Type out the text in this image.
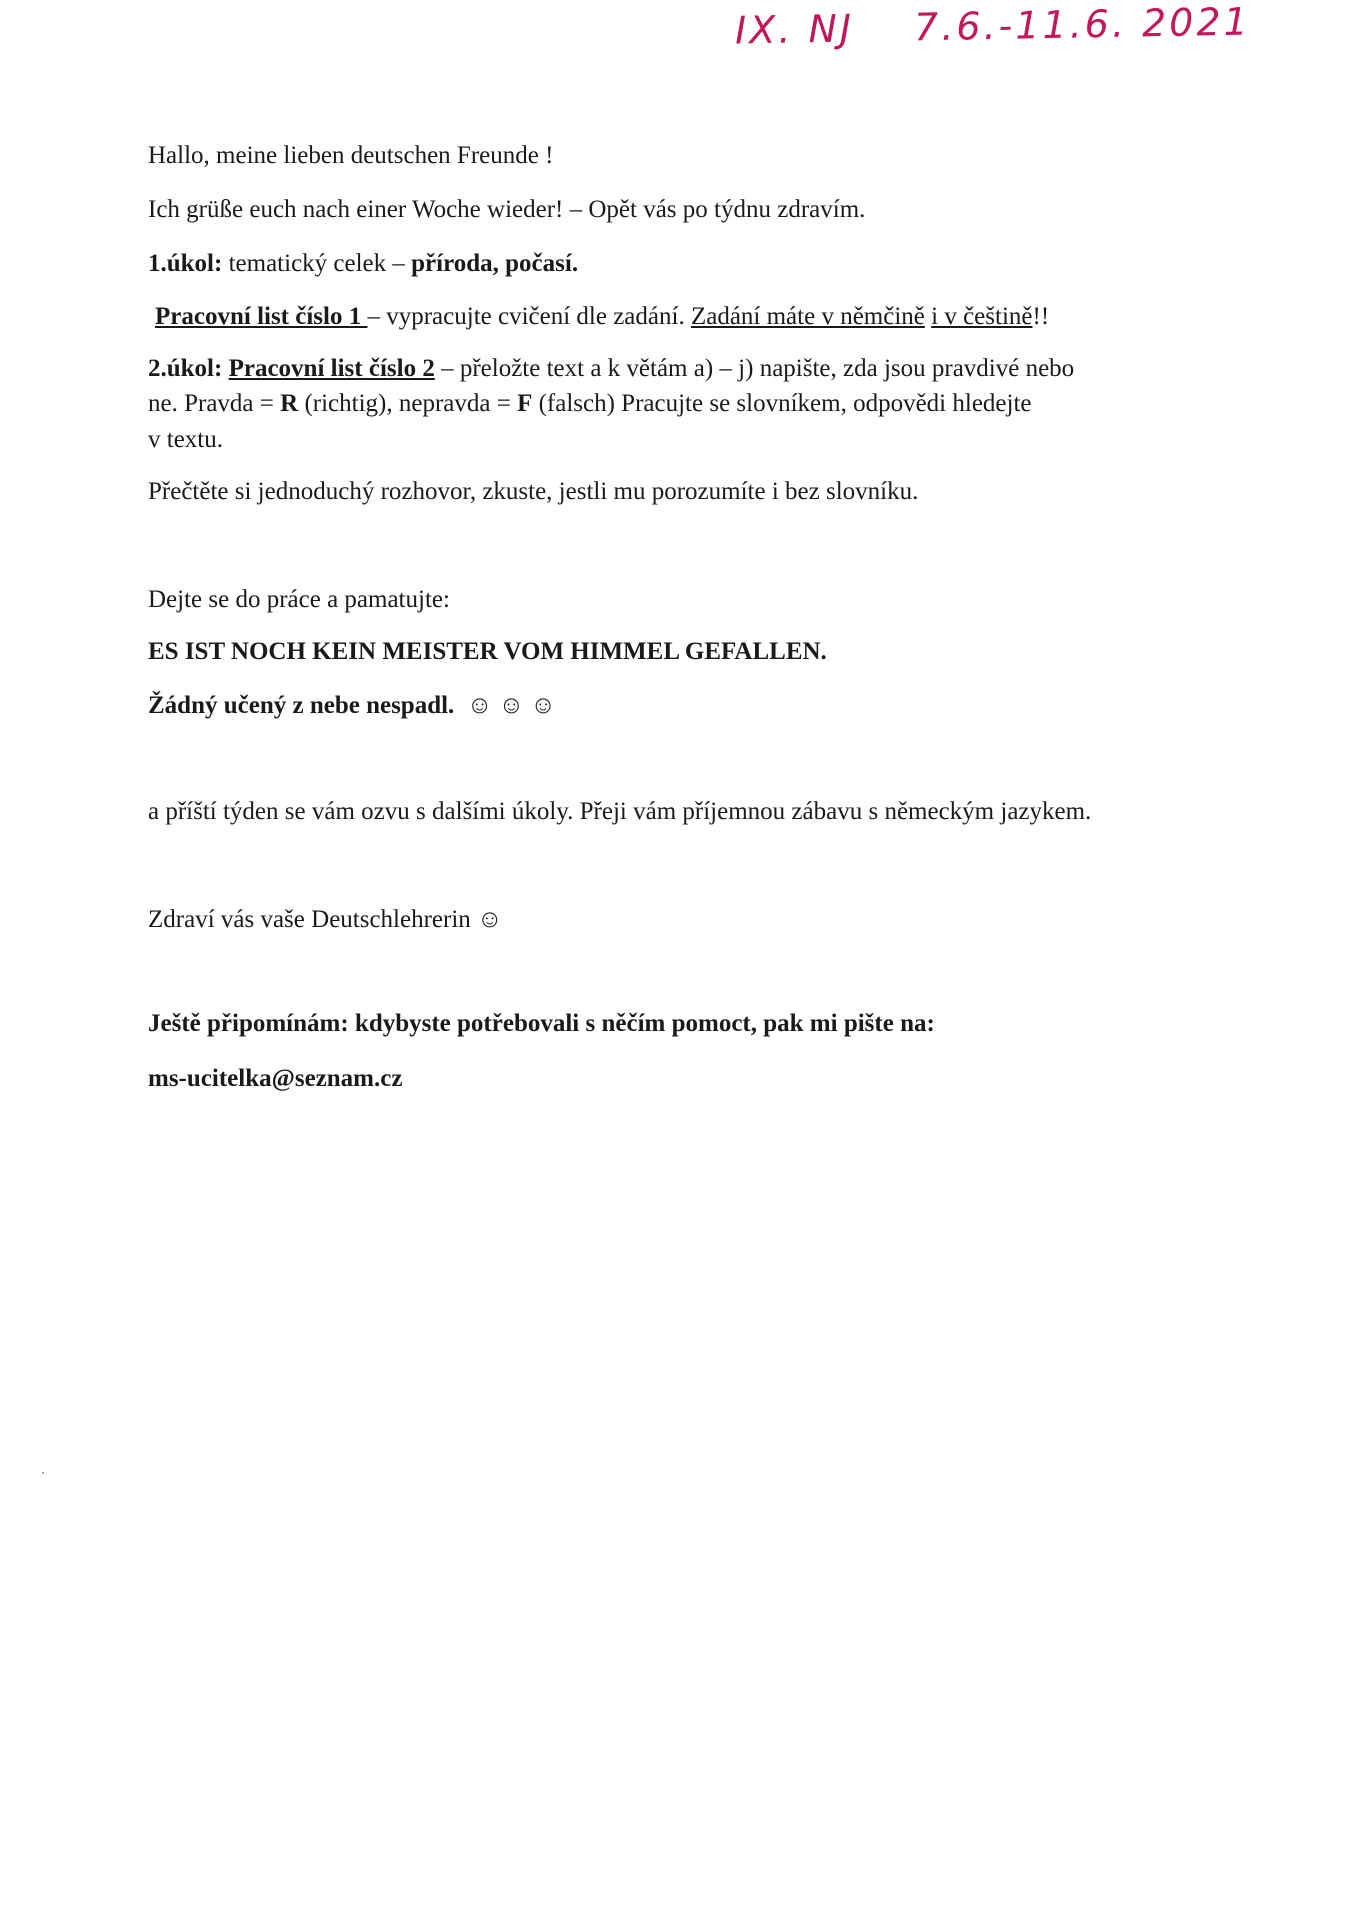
IX. NJ 7.6.-11.6. 2021
Hallo, meine lieben deutschen Freunde !
Ich grüße euch nach einer Woche wieder! – Opět vás po týdnu zdravím.
1.úkol: tematický celek – příroda, počasí.
Pracovní list číslo 1 – vypracujte cvičení dle zadání. Zadání máte v němčině i v češtině!!
2.úkol: Pracovní list číslo 2 – přeložte text a k větám a) – j) napište, zda jsou pravdivé nebo
ne. Pravda = R (richtig), nepravda = F (falsch) Pracujte se slovníkem, odpovědi hledejte
v textu.
Přečtěte si jednoduchý rozhovor, zkuste, jestli mu porozumíte i bez slovníku.
Dejte se do práce a pamatujte:
ES IST NOCH KEIN MEISTER VOM HIMMEL GEFALLEN.
Žádný učený z nebe nespadl. ☺ ☺ ☺
a příští týden se vám ozvu s dalšími úkoly. Přeji vám příjemnou zábavu s německým jazykem.
Zdraví vás vaše Deutschlehrerin ☺
Ještě připomínám: kdybyste potřebovali s něčím pomoct, pak mi pište na:
ms-ucitelka@seznam.cz
